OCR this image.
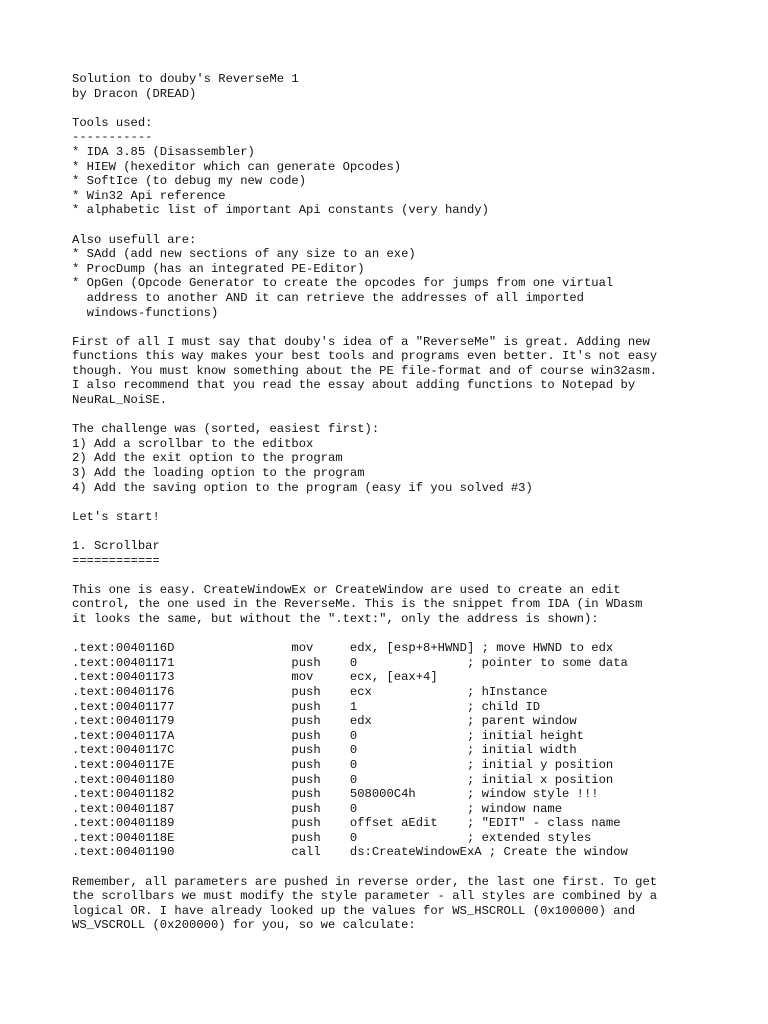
Solution to douby's ReverseMe 1
by Dracon (DREAD)
Tools used:
-----------
* IDA 3.85 (Disassembler)
* HIEW (hexeditor which can generate Opcodes)
* SoftIce (to debug my new code)
* Win32 Api reference
* alphabetic list of important Api constants (very handy)
Also usefull are:
* SAdd (add new sections of any size to an exe)
* ProcDump (has an integrated PE-Editor)
* OpGen (Opcode Generator to create the opcodes for jumps from one virtual
address to another AND it can retrieve the addresses of all imported
windows-functions)
First of all I must say that douby's idea of a "ReverseMe" is great. Adding new
functions this way makes your best tools and programs even better. It's not easy
though. You must know something about the PE file-format and of course win32asm.
I also recommend that you read the essay about adding functions to Notepad by
NeuRaL_NoiSE.
The challenge was (sorted, easiest first):
1) Add a scrollbar to the editbox
2) Add the exit option to the program
3) Add the loading option to the program
4) Add the saving option to the program (easy if you solved #3)
Let's start!
1. Scrollbar
============
This one is easy. CreateWindowEx or CreateWindow are used to create an edit
control, the one used in the ReverseMe. This is the snippet from IDA (in WDasm
it looks the same, but without the ".text:", only the address is shown):
.text:0040116D                mov     edx, [esp+8+HWND] ; move HWND to edx
.text:00401171                push    0               ; pointer to some data
.text:00401173                mov     ecx, [eax+4]
.text:00401176                push    ecx             ; hInstance
.text:00401177                push    1               ; child ID
.text:00401179                push    edx             ; parent window
.text:0040117A                push    0               ; initial height
.text:0040117C                push    0               ; initial width
.text:0040117E                push    0               ; initial y position
.text:00401180                push    0               ; initial x position
.text:00401182                push    508000C4h       ; window style !!!
.text:00401187                push    0               ; window name
.text:00401189                push    offset aEdit    ; "EDIT" - class name
.text:0040118E                push    0               ; extended styles
.text:00401190                call    ds:CreateWindowExA ; Create the window
Remember, all parameters are pushed in reverse order, the last one first. To get
the scrollbars we must modify the style parameter - all styles are combined by a
logical OR. I have already looked up the values for WS_HSCROLL (0x100000) and
WS_VSCROLL (0x200000) for you, so we calculate:
